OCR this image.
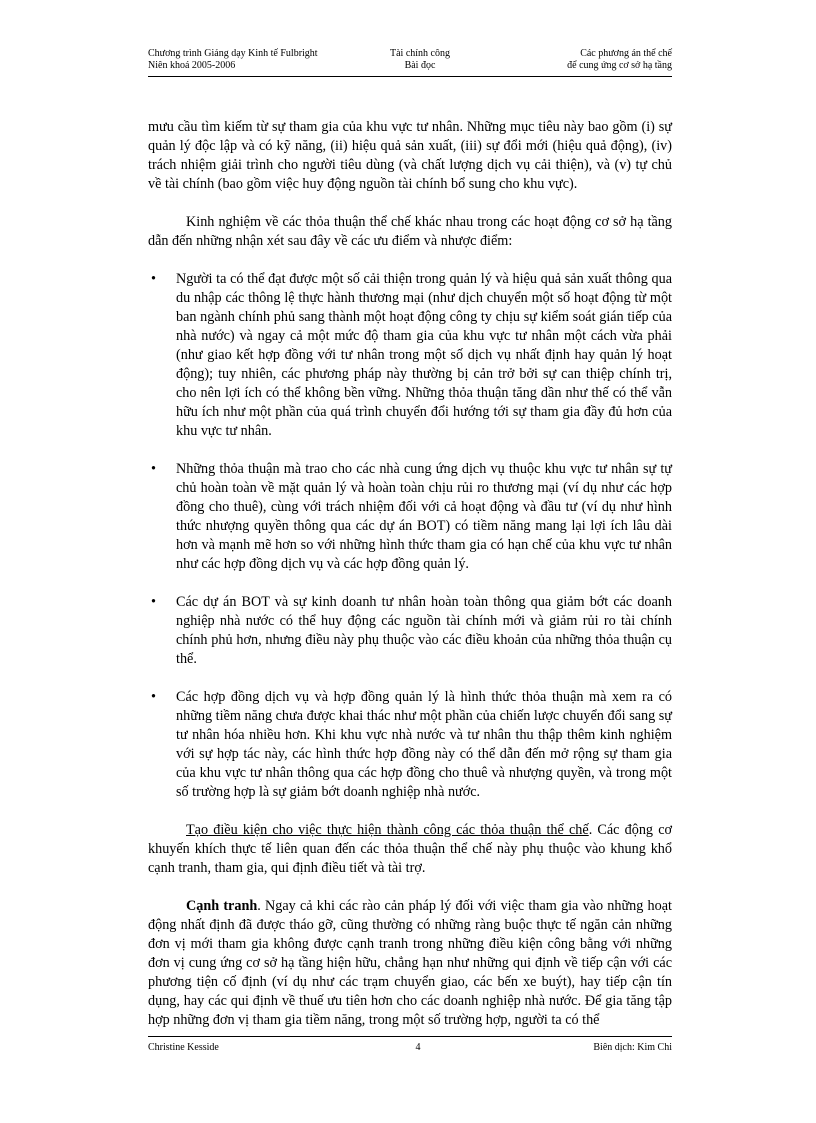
Chương trình Giảng dạy Kinh tế Fulbright
Niên khoá 2005-2006
Tài chính công
Bài đọc
Các phương án thể chế
để cung ứng cơ sở hạ tầng

mưu cầu tìm kiếm từ sự tham gia của khu vực tư nhân. Những mục tiêu này bao gồm (i) sự quản lý độc lập và có kỹ năng, (ii) hiệu quả sản xuất, (iii) sự đổi mới (hiệu quả động), (iv) trách nhiệm giải trình cho người tiêu dùng (và chất lượng dịch vụ cải thiện), và (v) tự chủ về tài chính (bao gồm việc huy động nguồn tài chính bổ sung cho khu vực).

Kinh nghiệm về các thỏa thuận thể chế khác nhau trong các hoạt động cơ sở hạ tầng dẫn đến những nhận xét sau đây về các ưu điểm và nhược điểm:

• Người ta có thể đạt được một số cải thiện trong quản lý và hiệu quả sản xuất thông qua du nhập các thông lệ thực hành thương mại (như dịch chuyển một số hoạt động từ một ban ngành chính phủ sang thành một hoạt động công ty chịu sự kiểm soát gián tiếp của nhà nước) và ngay cả một mức độ tham gia của khu vực tư nhân một cách vừa phải (như giao kết hợp đồng với tư nhân trong một số dịch vụ nhất định hay quản lý hoạt động); tuy nhiên, các phương pháp này thường bị cản trở bởi sự can thiệp chính trị, cho nên lợi ích có thể không bền vững. Những thỏa thuận tăng dần như thế có thể vẫn hữu ích như một phần của quá trình chuyển đổi hướng tới sự tham gia đầy đủ hơn của khu vực tư nhân.
• Những thỏa thuận mà trao cho các nhà cung ứng dịch vụ thuộc khu vực tư nhân sự tự chủ hoàn toàn về mặt quản lý và hoàn toàn chịu rủi ro thương mại (ví dụ như các hợp đồng cho thuê), cùng với trách nhiệm đối với cả hoạt động và đầu tư (ví dụ như hình thức nhượng quyền thông qua các dự án BOT) có tiềm năng mang lại lợi ích lâu dài hơn và mạnh mẽ hơn so với những hình thức tham gia có hạn chế của khu vực tư nhân như các hợp đồng dịch vụ và các hợp đồng quản lý.
• Các dự án BOT và sự kinh doanh tư nhân hoàn toàn thông qua giảm bớt các doanh nghiệp nhà nước có thể huy động các nguồn tài chính mới và giảm rủi ro tài chính chính phủ hơn, nhưng điều này phụ thuộc vào các điều khoản của những thỏa thuận cụ thể.
• Các hợp đồng dịch vụ và hợp đồng quản lý là hình thức thỏa thuận mà xem ra có những tiềm năng chưa được khai thác như một phần của chiến lược chuyển đổi sang sự tư nhân hóa nhiều hơn. Khi khu vực nhà nước và tư nhân thu thập thêm kinh nghiệm với sự hợp tác này, các hình thức hợp đồng này có thể dẫn đến mở rộng sự tham gia của khu vực tư nhân thông qua các hợp đồng cho thuê và nhượng quyền, và trong một số trường hợp là sự giảm bớt doanh nghiệp nhà nước.

Tạo điều kiện cho việc thực hiện thành công các thỏa thuận thể chế. Các động cơ khuyến khích thực tế liên quan đến các thỏa thuận thể chế này phụ thuộc vào khung khổ cạnh tranh, tham gia, qui định điều tiết và tài trợ.

Cạnh tranh. Ngay cả khi các rào cản pháp lý đối với việc tham gia vào những hoạt động nhất định đã được tháo gỡ, cũng thường có những ràng buộc thực tế ngăn cản những đơn vị mới tham gia không được cạnh tranh trong những điều kiện công bằng với những đơn vị cung ứng cơ sở hạ tầng hiện hữu, chẳng hạn như những qui định về tiếp cận với các phương tiện cố định (ví dụ như các trạm chuyển giao, các bến xe buýt), hay tiếp cận tín dụng, hay các qui định về thuế ưu tiên hơn cho các doanh nghiệp nhà nước. Để gia tăng tập hợp những đơn vị tham gia tiềm năng, trong một số trường hợp, người ta có thể

Christine Kesside	4	Biên dịch: Kim Chi
